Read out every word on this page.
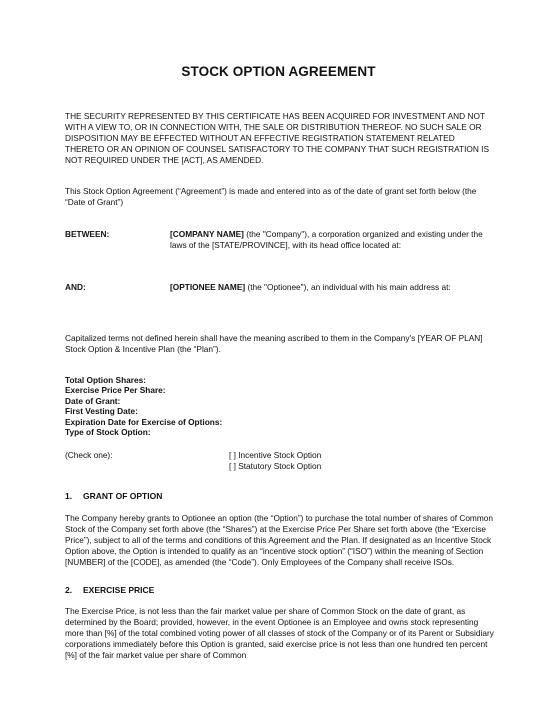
STOCK OPTION AGREEMENT
THE SECURITY REPRESENTED BY THIS CERTIFICATE HAS BEEN ACQUIRED FOR INVESTMENT AND NOT WITH A VIEW TO, OR IN CONNECTION WITH, THE SALE OR DISTRIBUTION THEREOF. NO SUCH SALE OR DISPOSITION MAY BE EFFECTED WITHOUT AN EFFECTIVE REGISTRATION STATEMENT RELATED THERETO OR AN OPINION OF COUNSEL SATISFACTORY TO THE COMPANY THAT SUCH REGISTRATION IS NOT REQUIRED UNDER THE [ACT], AS AMENDED.
This Stock Option Agreement (“Agreement”) is made and entered into as of the date of grant set forth below (the “Date of Grant”)
BETWEEN:	[COMPANY NAME] (the "Company"), a corporation organized and existing under the laws of the [STATE/PROVINCE], with its head office located at:
AND:	[OPTIONEE NAME] (the "Optionee"), an individual with his main address at:
Capitalized terms not defined herein shall have the meaning ascribed to them in the Company's [YEAR OF PLAN] Stock Option & Incentive Plan (the “Plan”).
Total Option Shares:
Exercise Price Per Share:
Date of Grant:
First Vesting Date:
Expiration Date for Exercise of Options:
Type of Stock Option:
(Check one):	[ ] Incentive Stock Option
[ ] Statutory Stock Option
1. GRANT OF OPTION
The Company hereby grants to Optionee an option (the “Option”) to purchase the total number of shares of Common Stock of the Company set forth above (the “Shares”) at the Exercise Price Per Share set forth above (the “Exercise Price”), subject to all of the terms and conditions of this Agreement and the Plan. If designated as an Incentive Stock Option above, the Option is intended to qualify as an “incentive stock option” (“ISO”) within the meaning of Section [NUMBER] of the [CODE], as amended (the “Code”). Only Employees of the Company shall receive ISOs.
2. EXERCISE PRICE
The Exercise Price, is not less than the fair market value per share of Common Stock on the date of grant, as determined by the Board; provided, however, in the event Optionee is an Employee and owns stock representing more than [%] of the total combined voting power of all classes of stock of the Company or of its Parent or Subsidiary corporations immediately before this Option is granted, said exercise price is not less than one hundred ten percent [%] of the fair market value per share of Common
